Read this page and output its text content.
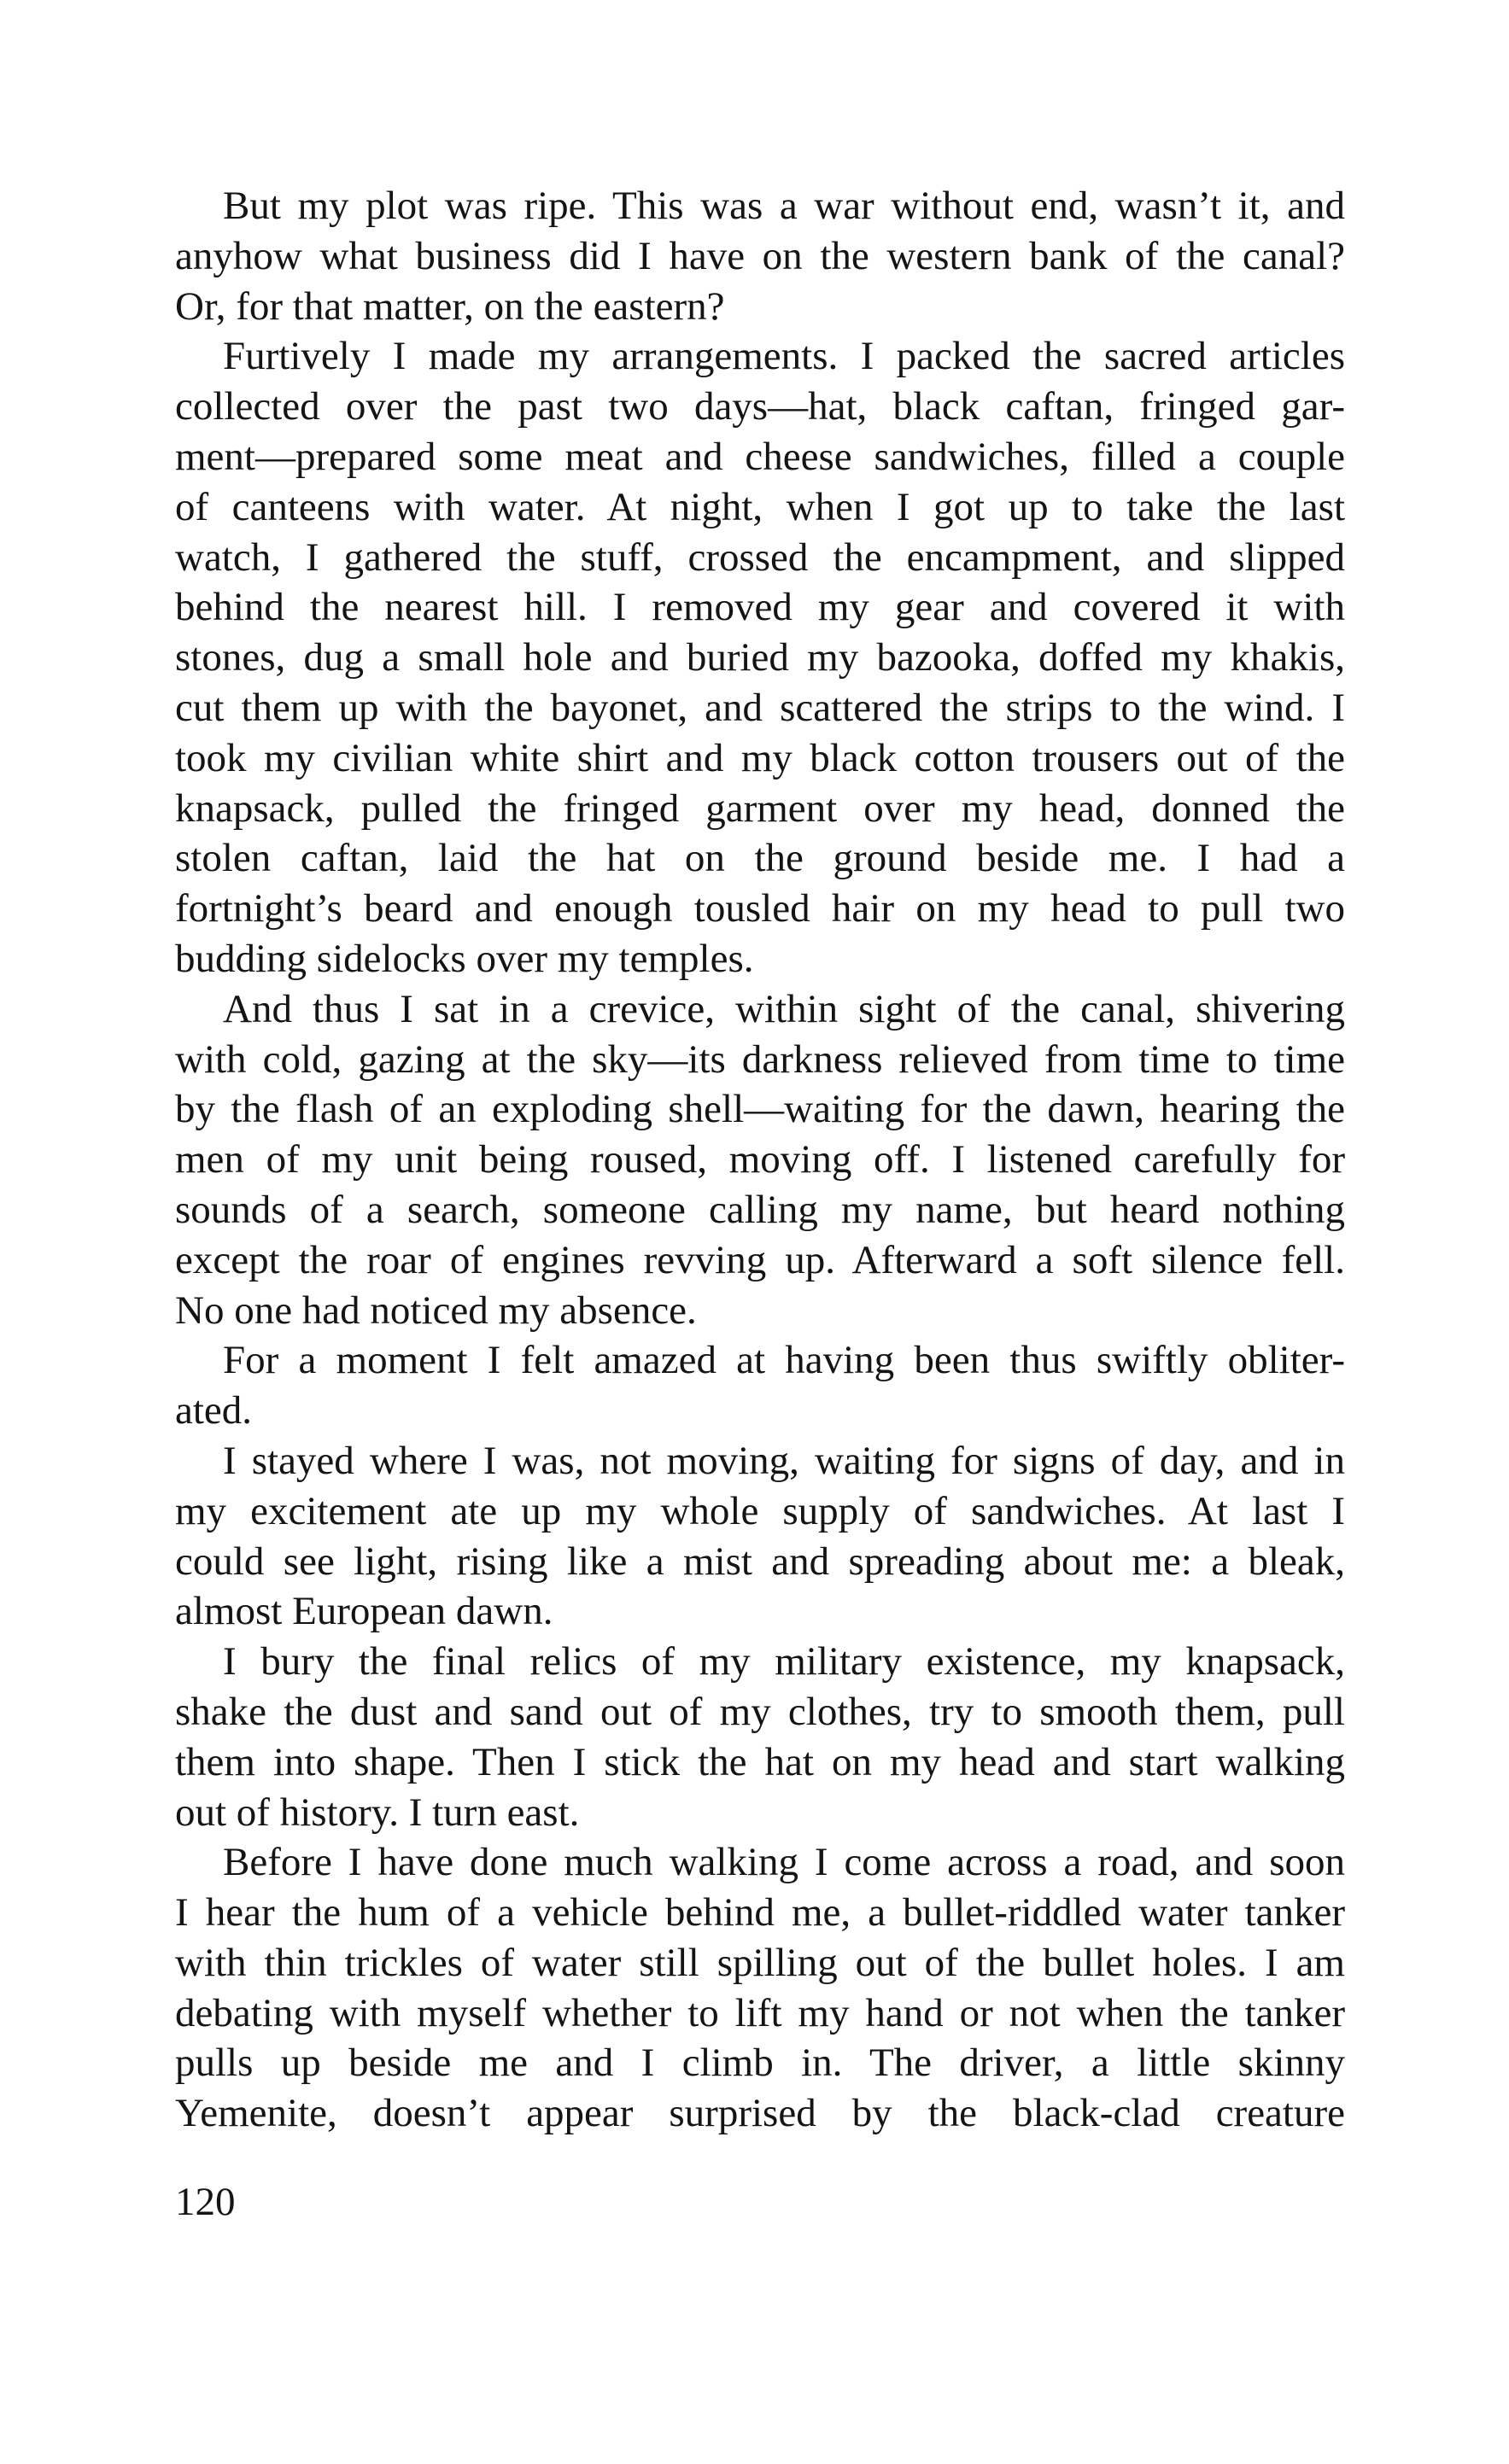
But my plot was ripe. This was a war without end, wasn’t it, and
anyhow what business did I have on the western bank of the canal?
Or, for that matter, on the eastern?
Furtively I made my arrangements. I packed the sacred articles
collected over the past two days—hat, black caftan, fringed gar-
ment—prepared some meat and cheese sandwiches, filled a couple
of canteens with water. At night, when I got up to take the last
watch, I gathered the stuff, crossed the encampment, and slipped
behind the nearest hill. I removed my gear and covered it with
stones, dug a small hole and buried my bazooka, doffed my khakis,
cut them up with the bayonet, and scattered the strips to the wind. I
took my civilian white shirt and my black cotton trousers out of the
knapsack, pulled the fringed garment over my head, donned the
stolen caftan, laid the hat on the ground beside me. I had a
fortnight’s beard and enough tousled hair on my head to pull two
budding sidelocks over my temples.
And thus I sat in a crevice, within sight of the canal, shivering
with cold, gazing at the sky—its darkness relieved from time to time
by the flash of an exploding shell—waiting for the dawn, hearing the
men of my unit being roused, moving off. I listened carefully for
sounds of a search, someone calling my name, but heard nothing
except the roar of engines revving up. Afterward a soft silence fell.
No one had noticed my absence.
For a moment I felt amazed at having been thus swiftly obliter-
ated.
I stayed where I was, not moving, waiting for signs of day, and in
my excitement ate up my whole supply of sandwiches. At last I
could see light, rising like a mist and spreading about me: a bleak,
almost European dawn.
I bury the final relics of my military existence, my knapsack,
shake the dust and sand out of my clothes, try to smooth them, pull
them into shape. Then I stick the hat on my head and start walking
out of history. I turn east.
Before I have done much walking I come across a road, and soon
I hear the hum of a vehicle behind me, a bullet-riddled water tanker
with thin trickles of water still spilling out of the bullet holes. I am
debating with myself whether to lift my hand or not when the tanker
pulls up beside me and I climb in. The driver, a little skinny
Yemenite, doesn’t appear surprised by the black-clad creature
120
